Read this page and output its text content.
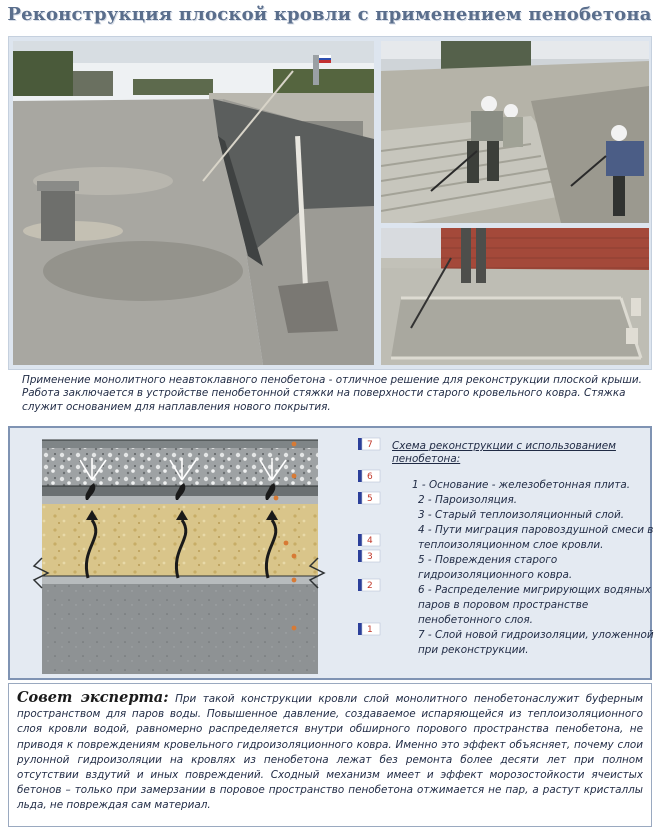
Реконструкция плоской кровли с применением пенобетона
Применение монолитного неавтоклавного пенобетона - отличное решение для реконструкции плоской крыши. Работа заключается в устройстве пенобетонной стяжки на поверхности старого кровельного ковра. Стяжка служит основанием для наплавления нового покрытия.
7
6
5
4
3
2
1
Схема реконструкции с использованием пенобетона:
1 - Основание - железобетонная плита.
2 - Пароизоляция.
3 - Старый теплоизоляционный слой.
4 - Пути миграция паровоздушной смеси в теплоизоляционном слое кровли.
5 - Повреждения старого гидроизоляционного ковра.
6 - Распределение мигрирующих водяных паров в поровом пространстве пенобетонного слоя.
7 - Слой новой гидроизоляции, уложенной при реконструкции.
Совет эксперта: При такой конструкции кровли слой монолитного пенобетонаслужит буферным пространством для паров воды. Повышенное давление, создаваемое испаряющейся из теплоизоляционного слоя кровли водой, равномерно распределяется внутри обширного порового пространства пенобетона, не приводя к повреждениям кровельного гидроизоляционного ковра. Именно это эффект объясняет, почему слои рулонной гидроизоляции на кровлях из пенобетона лежат без ремонта более десяти лет при полном отсутствии вздутий и иных повреждений. Сходный механизм имеет и эффект морозостойкости ячеистых бетонов – только при замерзании в поровое пространство пенобетона отжимается не пар, а растут кристаллы льда, не повреждая сам материал.
